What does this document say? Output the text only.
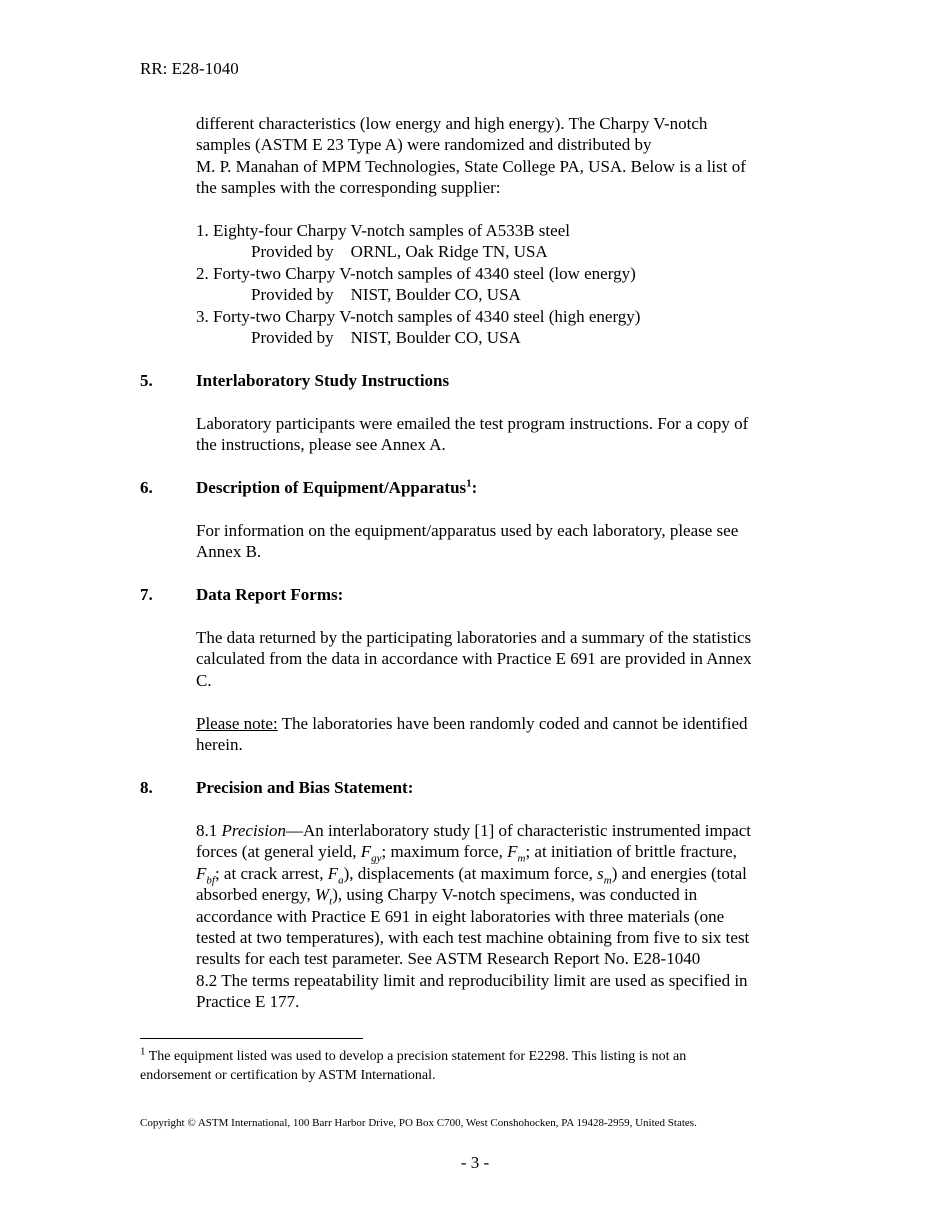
RR: E28-1040
different characteristics (low energy and high energy). The Charpy V-notch
samples (ASTM E 23 Type A) were randomized and distributed by
M. P. Manahan of MPM Technologies, State College PA, USA. Below is a list of
the samples with the corresponding supplier:
1. Eighty-four Charpy V-notch samples of A533B steel
Provided by ORNL, Oak Ridge TN, USA
2. Forty-two Charpy V-notch samples of 4340 steel (low energy)
Provided by NIST, Boulder CO, USA
3. Forty-two Charpy V-notch samples of 4340 steel (high energy)
Provided by NIST, Boulder CO, USA
5.	Interlaboratory Study Instructions
Laboratory participants were emailed the test program instructions. For a copy of
the instructions, please see Annex A.
6.	Description of Equipment/Apparatus$^1$:
For information on the equipment/apparatus used by each laboratory, please see
Annex B.
7.	Data Report Forms:
The data returned by the participating laboratories and a summary of the statistics
calculated from the data in accordance with Practice E 691 are provided in Annex
C.
Please note: The laboratories have been randomly coded and cannot be identified
herein.
8.	Precision and Bias Statement:
8.1 Precision—An interlaboratory study [1] of characteristic instrumented impact
forces (at general yield, $F_{gy}$; maximum force, $F_m$; at initiation of brittle fracture,
$F_{bf}$; at crack arrest, $F_a$), displacements (at maximum force, $s_m$) and energies (total
absorbed energy, $W_t$), using Charpy V-notch specimens, was conducted in
accordance with Practice E 691 in eight laboratories with three materials (one
tested at two temperatures), with each test machine obtaining from five to six test
results for each test parameter. See ASTM Research Report No. E28-1040
8.2 The terms repeatability limit and reproducibility limit are used as specified in
Practice E 177.
$^1$ The equipment listed was used to develop a precision statement for E2298. This listing is not an
endorsement or certification by ASTM International.
Copyright © ASTM International, 100 Barr Harbor Drive, PO Box C700, West Conshohocken, PA 19428-2959, United States.
- 3 -
